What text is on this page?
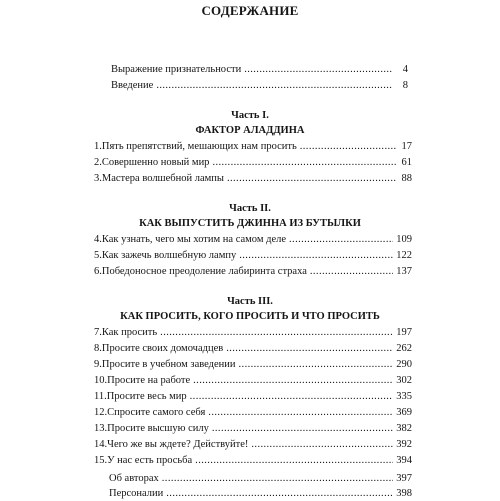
СОДЕРЖАНИЕ
Выражение признательности .....	4
Введение .....	8
Часть I.
ФАКТОР АЛАДДИНА
1. Пять препятствий, мешающих нам просить .....	17
2. Совершенно новый мир .....	61
3. Мастера волшебной лампы .....	88
Часть II.
КАК ВЫПУСТИТЬ ДЖИННА ИЗ БУТЫЛКИ
4. Как узнать, чего мы хотим на самом деле .....	109
5. Как зажечь волшебную лампу .....	122
6. Победоносное преодоление лабиринта страха .....	137
Часть III.
КАК ПРОСИТЬ, КОГО ПРОСИТЬ И ЧТО ПРОСИТЬ
7. Как просить .....	197
8. Просите своих домочадцев .....	262
9. Просите в учебном заведении .....	290
10. Просите на работе .....	302
11. Просите весь мир .....	335
12. Спросите самого себя .....	369
13. Просите высшую силу .....	382
14. Чего же вы ждете? Действуйте! .....	392
15. У нас есть просьба .....	394
Об авторах .....	397
Персоналии .....	398
